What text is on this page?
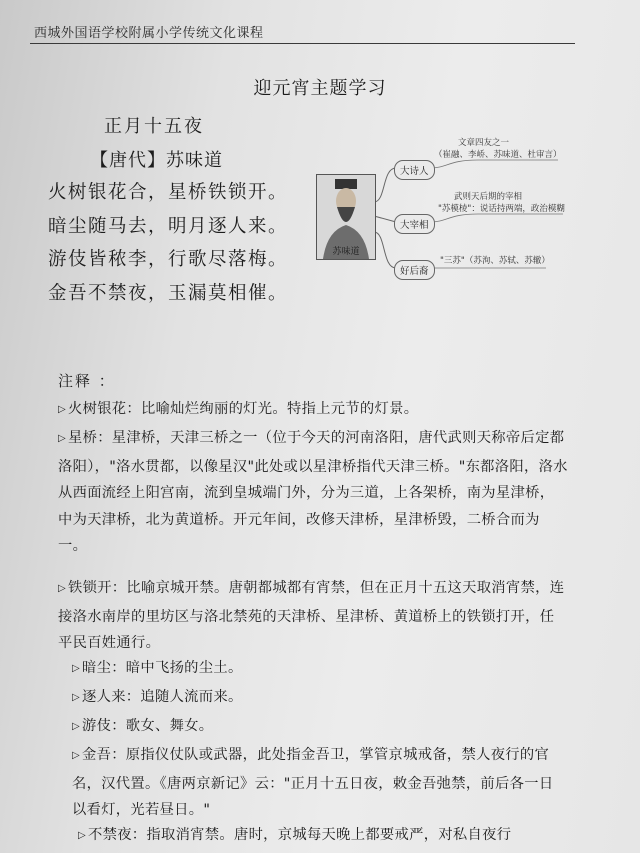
西城外国语学校附属小学传统文化课程
迎元宵主题学习
正月十五夜
【唐代】苏味道
火树银花合，星桥铁锁开。
暗尘随马去，明月逐人来。
游伎皆秾李，行歌尽落梅。
金吾不禁夜，玉漏莫相催。
苏味道
大诗人
文章四友之一
（崔融、李峤、苏味道、杜审言）
大宰相
武则天后期的宰相
"苏模棱"：说话持两端，政治模糊
好后裔
"三苏"（苏洵、苏轼、苏辙）
注释 ：
▷ 火树银花：比喻灿烂绚丽的灯光。特指上元节的灯景。
▷ 星桥：星津桥，天津三桥之一（位于今天的河南洛阳，唐代武则天称帝后定都洛阳），"洛水贯都，以像星汉"此处或以星津桥指代天津三桥。"东都洛阳，洛水从西面流经上阳宫南，流到皇城端门外，分为三道，上各架桥，南为星津桥，中为天津桥，北为黄道桥。开元年间，改修天津桥，星津桥毁，二桥合而为一。
▷ 铁锁开：比喻京城开禁。唐朝都城都有宵禁，但在正月十五这天取消宵禁，连接洛水南岸的里坊区与洛北禁苑的天津桥、星津桥、黄道桥上的铁锁打开，任平民百姓通行。
▷ 暗尘：暗中飞扬的尘土。
▷ 逐人来：追随人流而来。
▷ 游伎：歌女、舞女。
▷ 金吾：原指仪仗队或武器，此处指金吾卫，掌管京城戒备，禁人夜行的官名，汉代置。《唐两京新记》云："正月十五日夜，敕金吾弛禁，前后各一日以看灯，光若昼日。"
▷ 不禁夜：指取消宵禁。唐时，京城每天晚上都要戒严，对私自夜行
